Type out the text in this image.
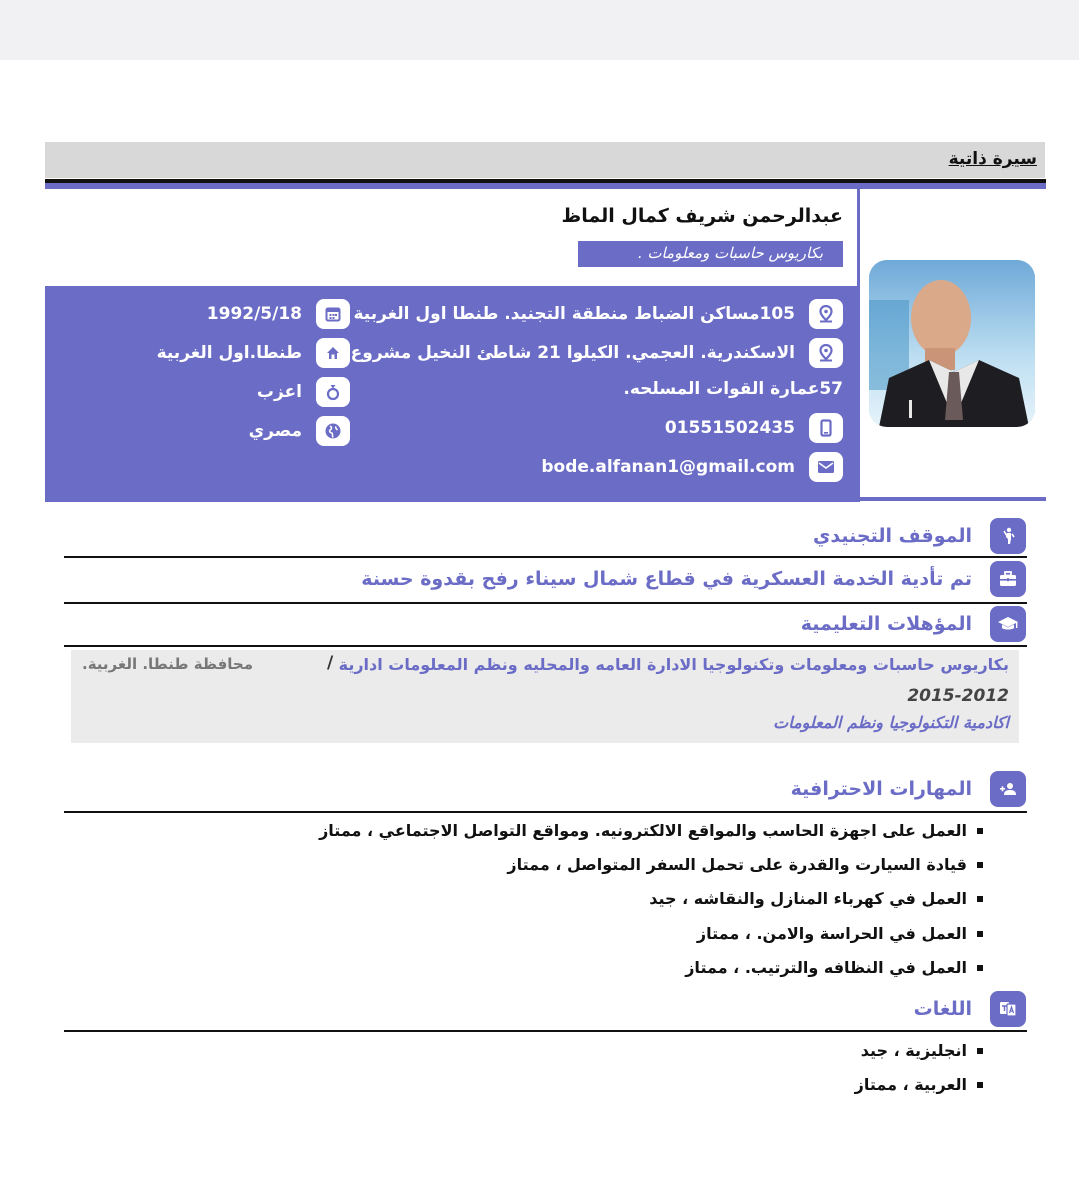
سيرة ذاتية
عبدالرحمن شريف كمال الماظ
بكاريوس حاسبات ومعلومات .
105مساكن الضباط منطقة التجنيد. طنطا اول الغربية
الاسكندرية. العجمي. الكيلوا 21 شاطئ النخيل مشروع
57عمارة القوات المسلحه.
01551502435
bode.alfanan1@gmail.com
1992/5/18
طنطا.اول الغربية
اعزب
مصري
الموقف التجنيدي
تم تأدية الخدمة العسكرية في قطاع شمال سيناء رفح بقدوة حسنة
المؤهلات التعليمية
بكاريوس حاسبات ومعلومات وتكنولوجيا الادارة العامه والمحليه ونظم المعلومات ادارية
/
محافظة طنطا. الغربية.
2015-2012
اكادمية التكنولوجيا ونظم المعلومات
المهارات الاحترافية
العمل على اجهزة الحاسب والمواقع الالكترونيه. ومواقع التواصل الاجتماعي ، ممتاز
قيادة السيارت والقدرة على تحمل السفر المتواصل ، ممتاز
العمل في كهرباء المنازل والنقاشه ، جيد
العمل في الحراسة والامن. ، ممتاز
العمل في النظافه والترتيب. ، ممتاز
اللغات
انجليزية ، جيد
العربية ، ممتاز
